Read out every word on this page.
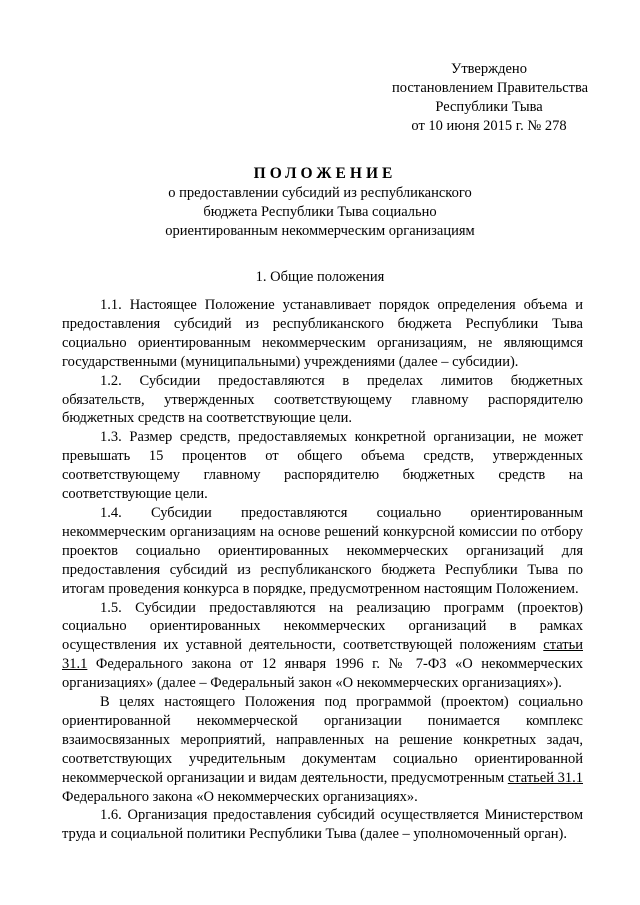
Утверждено
постановлением Правительства
Республики Тыва
от 10 июня 2015 г. № 278
ПОЛОЖЕНИЕ
о предоставлении субсидий из республиканского
бюджета Республики Тыва социально
ориентированным некоммерческим организациям
1. Общие положения

1.1. Настоящее Положение устанавливает порядок определения объема и предоставления субсидий из республиканского бюджета Республики Тыва социально ориентированным некоммерческим организациям, не являющимся государственными (муниципальными) учреждениями (далее – субсидии).

1.2. Субсидии предоставляются в пределах лимитов бюджетных обязательств, утвержденных соответствующему главному распорядителю бюджетных средств на соответствующие цели.

1.3. Размер средств, предоставляемых конкретной организации, не может превышать 15 процентов от общего объема средств, утвержденных соответствующему главному распорядителю бюджетных средств на соответствующие цели.

1.4. Субсидии предоставляются социально ориентированным некоммерческим организациям на основе решений конкурсной комиссии по отбору проектов социально ориентированных некоммерческих организаций для предоставления субсидий из республиканского бюджета Республики Тыва по итогам проведения конкурса в порядке, предусмотренном настоящим Положением.

1.5. Субсидии предоставляются на реализацию программ (проектов) социально ориентированных некоммерческих организаций в рамках осуществления их уставной деятельности, соответствующей положениям статьи 31.1 Федерального закона от 12 января 1996 г. № 7-ФЗ «О некоммерческих организациях» (далее – Федеральный закон «О некоммерческих организациях»).

В целях настоящего Положения под программой (проектом) социально ориентированной некоммерческой организации понимается комплекс взаимосвязанных мероприятий, направленных на решение конкретных задач, соответствующих учредительным документам социально ориентированной некоммерческой организации и видам деятельности, предусмотренным статьей 31.1 Федерального закона «О некоммерческих организациях».

1.6. Организация предоставления субсидий осуществляется Министерством труда и социальной политики Республики Тыва (далее – уполномоченный орган).
